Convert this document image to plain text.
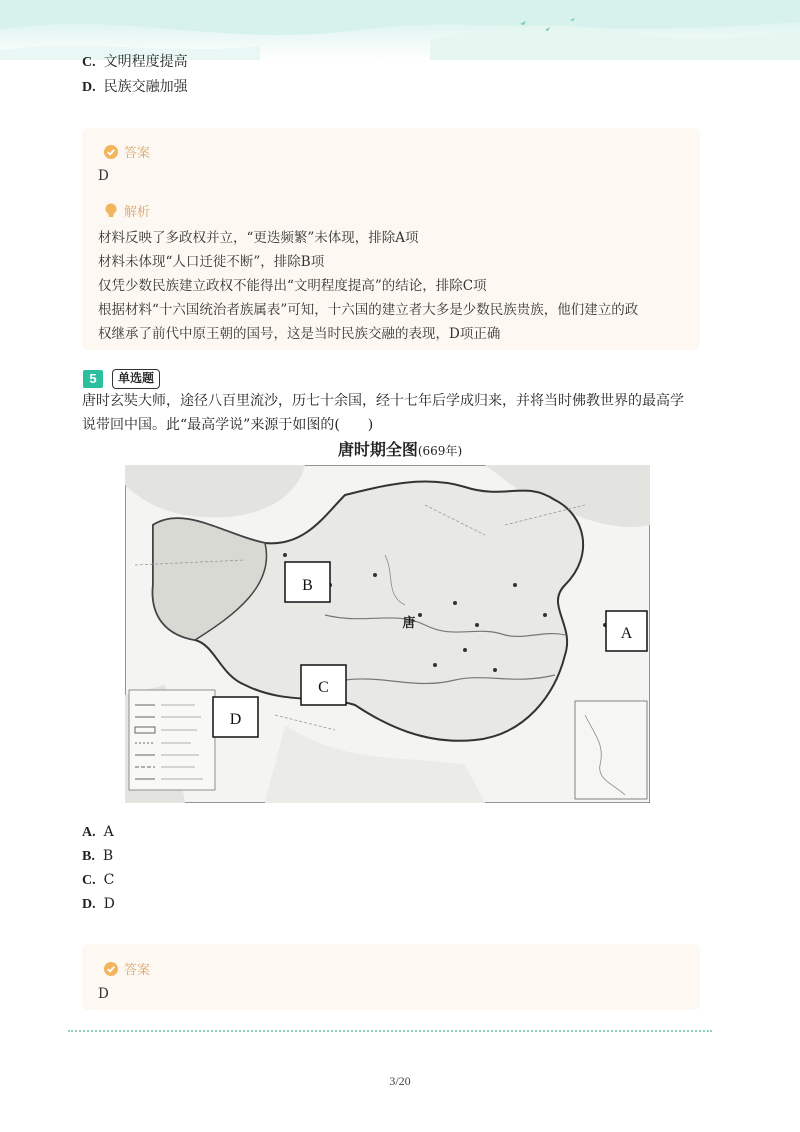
C. 文明程度提高
D. 民族交融加强
答案
D
解析
材料反映了多政权并立，“更迭频繁”未体现，排除A项
材料未体现“人口迁徙不断”，排除B项
仅凭少数民族建立政权不能得出“文明程度提高”的结论，排除C项
根据材料“十六国统治者族属表”可知，十六国的建立者大多是少数民族贵族，他们建立的政
权继承了前代中原王朝的国号，这是当时民族交融的表现，D项正确
5	单选题
唐时玄奘大师，途径八百里流沙，历七十余国，经十七年后学成归来，并将当时佛教世界的最高学
说带回中国。此“最高学说”来源于如图的(　　)
唐时期全图(669年)
B
A
C
D
唐
A. A
B. B
C. C
D. D
答案
D
3/20
